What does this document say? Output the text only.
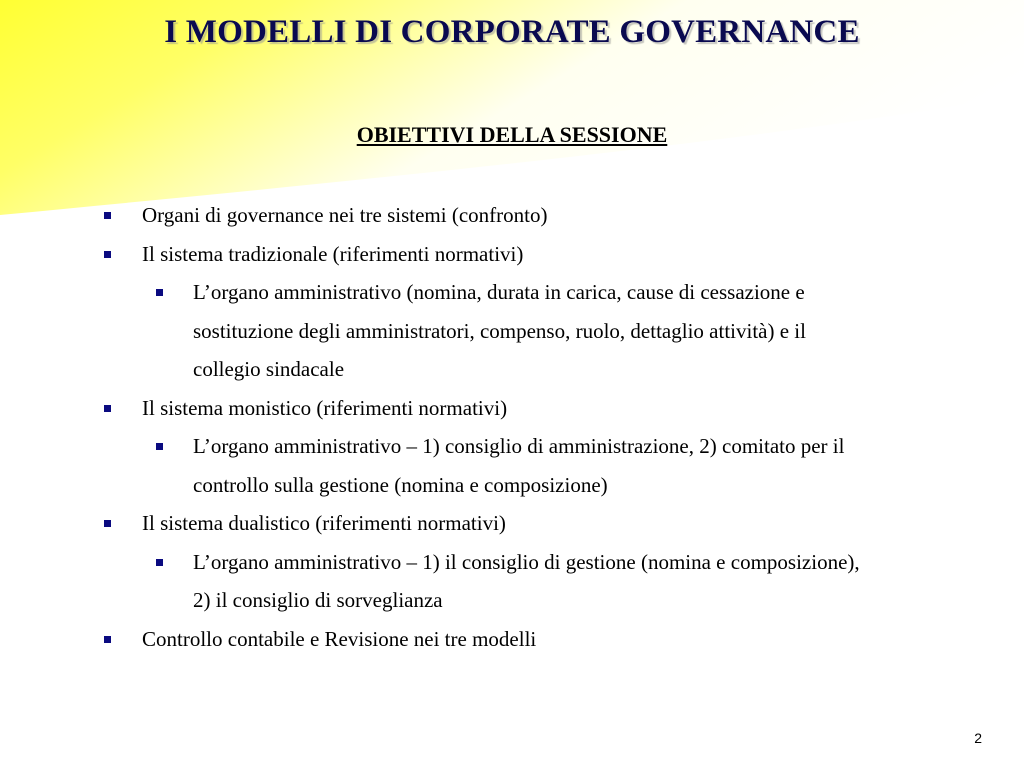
I MODELLI DI CORPORATE GOVERNANCE
OBIETTIVI DELLA SESSIONE
Organi di governance nei tre sistemi (confronto)
Il sistema tradizionale (riferimenti normativi)
L’organo amministrativo (nomina, durata in carica, cause di cessazione e sostituzione degli amministratori, compenso, ruolo, dettaglio attività) e il collegio sindacale
Il sistema monistico (riferimenti normativi)
L’organo amministrativo – 1) consiglio di amministrazione, 2) comitato per il controllo sulla gestione (nomina e composizione)
Il sistema dualistico (riferimenti normativi)
L’organo amministrativo – 1) il consiglio di gestione (nomina e composizione), 2) il consiglio di sorveglianza
Controllo contabile e Revisione nei tre modelli
2
